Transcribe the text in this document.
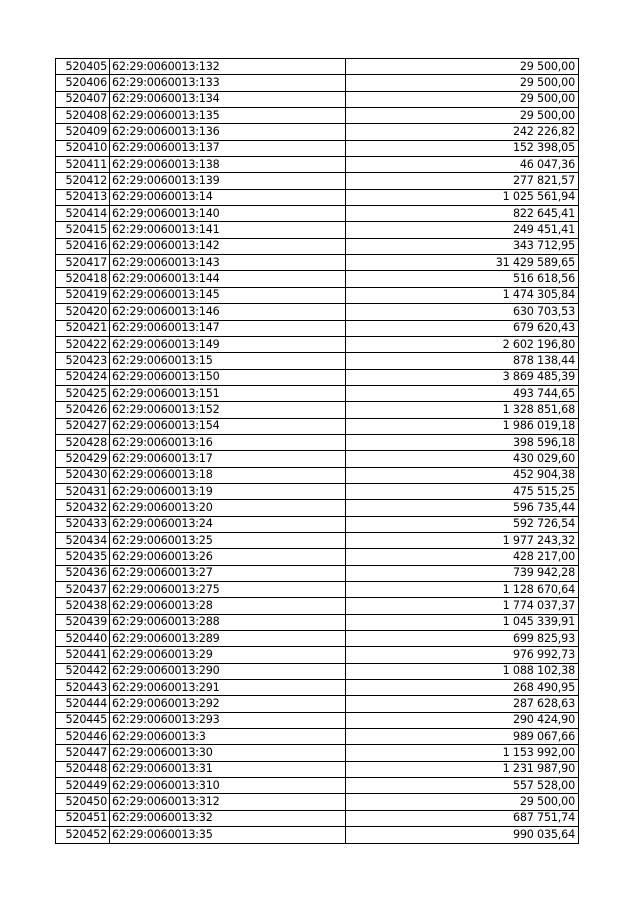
520405	62:29:0060013:132	29 500,00
520406	62:29:0060013:133	29 500,00
520407	62:29:0060013:134	29 500,00
520408	62:29:0060013:135	29 500,00
520409	62:29:0060013:136	242 226,82
520410	62:29:0060013:137	152 398,05
520411	62:29:0060013:138	46 047,36
520412	62:29:0060013:139	277 821,57
520413	62:29:0060013:14	1 025 561,94
520414	62:29:0060013:140	822 645,41
520415	62:29:0060013:141	249 451,41
520416	62:29:0060013:142	343 712,95
520417	62:29:0060013:143	31 429 589,65
520418	62:29:0060013:144	516 618,56
520419	62:29:0060013:145	1 474 305,84
520420	62:29:0060013:146	630 703,53
520421	62:29:0060013:147	679 620,43
520422	62:29:0060013:149	2 602 196,80
520423	62:29:0060013:15	878 138,44
520424	62:29:0060013:150	3 869 485,39
520425	62:29:0060013:151	493 744,65
520426	62:29:0060013:152	1 328 851,68
520427	62:29:0060013:154	1 986 019,18
520428	62:29:0060013:16	398 596,18
520429	62:29:0060013:17	430 029,60
520430	62:29:0060013:18	452 904,38
520431	62:29:0060013:19	475 515,25
520432	62:29:0060013:20	596 735,44
520433	62:29:0060013:24	592 726,54
520434	62:29:0060013:25	1 977 243,32
520435	62:29:0060013:26	428 217,00
520436	62:29:0060013:27	739 942,28
520437	62:29:0060013:275	1 128 670,64
520438	62:29:0060013:28	1 774 037,37
520439	62:29:0060013:288	1 045 339,91
520440	62:29:0060013:289	699 825,93
520441	62:29:0060013:29	976 992,73
520442	62:29:0060013:290	1 088 102,38
520443	62:29:0060013:291	268 490,95
520444	62:29:0060013:292	287 628,63
520445	62:29:0060013:293	290 424,90
520446	62:29:0060013:3	989 067,66
520447	62:29:0060013:30	1 153 992,00
520448	62:29:0060013:31	1 231 987,90
520449	62:29:0060013:310	557 528,00
520450	62:29:0060013:312	29 500,00
520451	62:29:0060013:32	687 751,74
520452	62:29:0060013:35	990 035,64
